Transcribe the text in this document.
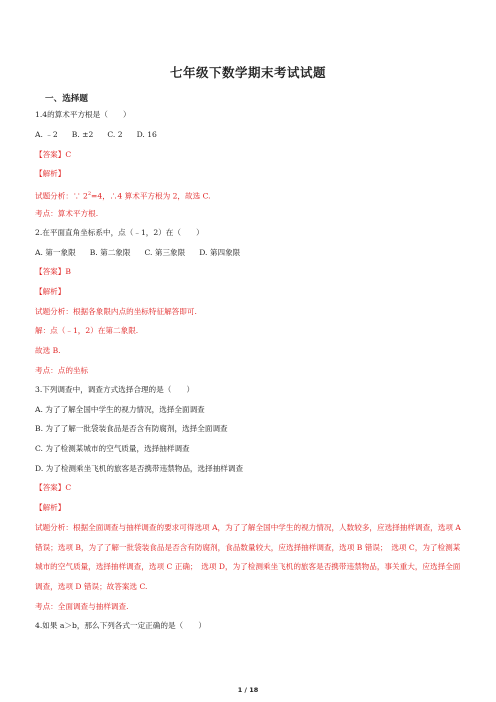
七年级下数学期末考试试题
一、选择题
1.4的算术平方根是（　　）
A. ﹣2 B. ±2 C. 2 D. 16
【答案】C
【解析】
试题分析：∵ $2^2=4$，∴4 算术平方根为 2，故选 C.
考点：算术平方根.
2.在平面直角坐标系中，点（﹣1，2）在（　　）
A. 第一象限 B. 第二象限 C. 第三象限 D. 第四象限
【答案】B
【解析】
试题分析：根据各象限内点的坐标特征解答即可.
解：点（﹣1，2）在第二象限.
故选 B.
考点：点的坐标
3.下列调查中，调查方式选择合理的是（　　）
A. 为了了解全国中学生的视力情况，选择全面调查
B. 为了了解一批袋装食品是否含有防腐剂，选择全面调查
C. 为了检测某城市的空气质量，选择抽样调查
D. 为了检测乘坐飞机的旅客是否携带违禁物品，选择抽样调查
【答案】C
【解析】
试题分析：根据全面调查与抽样调查的要求可得选项 A，为了了解全国中学生的视力情况，人数较多，应选择抽样调查，选项 A 错误；选项 B，为了了解一批袋装食品是否含有防腐剂，食品数量较大，应选择抽样调查，选项 B 错误；　选项 C，为了检测某城市的空气质量，选择抽样调查，选项 C 正确；　选项 D，为了检测乘坐飞机的旅客是否携带违禁物品，事关重大，应选择全面调查，选项 D 错误；故答案选 C.
考点：全面调查与抽样调查.
4.如果 a＞b，那么下列各式一定正确的是（　　）
1 / 18
